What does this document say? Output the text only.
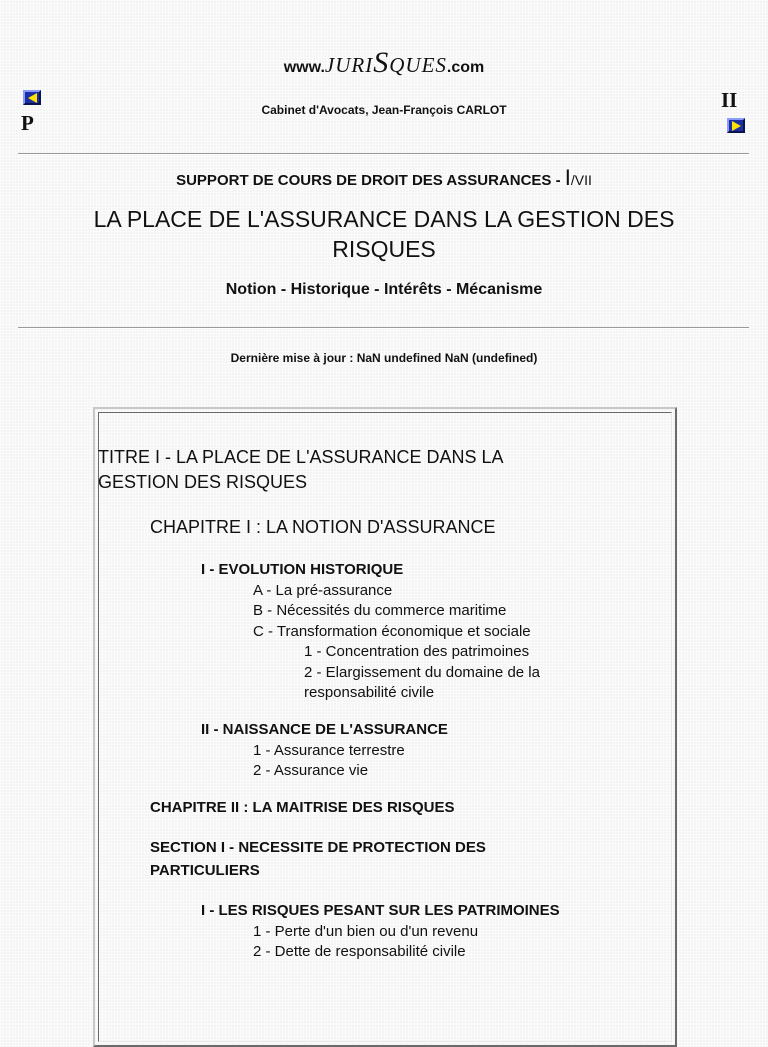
www.JURISQUES.com
Cabinet d'Avocats, Jean-François CARLOT
P
II
SUPPORT DE COURS DE DROIT DES ASSURANCES - I/VII
LA PLACE DE L'ASSURANCE DANS LA GESTION DES RISQUES
Notion - Historique - Intérêts - Mécanisme
Dernière mise à jour : NaN undefined NaN (undefined)
TITRE I - LA PLACE DE L'ASSURANCE DANS LA
GESTION DES RISQUES
CHAPITRE I : LA NOTION D'ASSURANCE
I - EVOLUTION HISTORIQUE
A - La pré-assurance
B - Nécessités du commerce maritime
C - Transformation économique et sociale
1 - Concentration des patrimoines
2 - Elargissement du domaine de la
responsabilité civile
II - NAISSANCE DE L'ASSURANCE
1 - Assurance terrestre
2 - Assurance vie
CHAPITRE II : LA MAITRISE DES RISQUES
SECTION I - NECESSITE DE PROTECTION DES
PARTICULIERS
I - LES RISQUES PESANT SUR LES PATRIMOINES
1 - Perte d'un bien ou d'un revenu
2 - Dette de responsabilité civile
